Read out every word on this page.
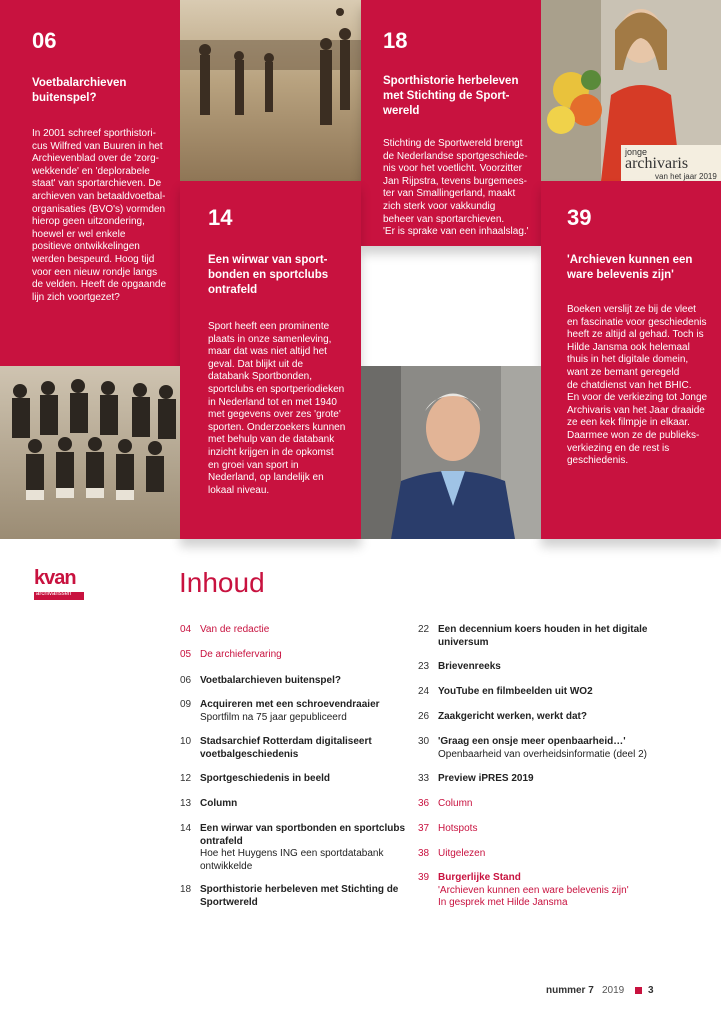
06
Voetbalarchieven
buitenspel?
In 2001 schreef sporthistori-
cus Wilfred van Buuren in het
Archievenblad over de 'zorg-
wekkende' en 'deplorabele
staat' van sportarchieven. De
archieven van betaaldvoetbal-
organisaties (BVO's) vormden
hierop geen uitzondering,
hoewel er wel enkele
positieve ontwikkelingen
werden bespeurd. Hoog tijd
voor een nieuw rondje langs
de velden. Heeft de opgaande
lijn zich voortgezet?
18
Sporthistorie herbeleven
met Stichting de Sport-
wereld
Stichting de Sportwereld brengt
de Nederlandse sportgeschiede-
nis voor het voetlicht. Voorzitter
Jan Rijpstra, tevens burgemees-
ter van Smallingerland, maakt
zich sterk voor vakkundig
beheer van sportarchieven.
'Er is sprake van een inhaalslag.'
jonge
archivaris
van het jaar 2019
14
Een wirwar van sport-
bonden en sportclubs
ontrafeld
Sport heeft een prominente
plaats in onze samenleving,
maar dat was niet altijd het
geval. Dat blijkt uit de
databank Sportbonden,
sportclubs en sportperiodieken
in Nederland tot en met 1940
met gegevens over zes 'grote'
sporten. Onderzoekers kunnen
met behulp van de databank
inzicht krijgen in de opkomst
en groei van sport in
Nederland, op landelijk en
lokaal niveau.
39
'Archieven kunnen een
ware belevenis zijn'
Boeken verslijt ze bij de vleet
en fascinatie voor geschiedenis
heeft ze altijd al gehad. Toch is
Hilde Jansma ook helemaal
thuis in het digitale domein,
want ze bemant geregeld
de chatdienst van het BHIC.
En voor de verkiezing tot Jonge
Archivaris van het Jaar draaide
ze een kek filmpje in elkaar.
Daarmee won ze de publieks-
verkiezing en de rest is
geschiedenis.
kvan
archivarissen	Inhoud
04 Van de redactie
05 De archiefervaring
06 Voetbalarchieven buitenspel?
09 Acquireren met een schroevendraaier
Sportfilm na 75 jaar gepubliceerd
10 Stadsarchief Rotterdam digitaliseert
voetbalgeschiedenis
12 Sportgeschiedenis in beeld
13 Column
14 Een wirwar van sportbonden en sportclubs
ontrafeld
Hoe het Huygens ING een sportdatabank
ontwikkelde
18 Sporthistorie herbeleven met Stichting de
Sportwereld
22 Een decennium koers houden in het digitale
universum
23 Brievenreeks
24 YouTube en filmbeelden uit WO2
26 Zaakgericht werken, werkt dat?
30 'Graag een onsje meer openbaarheid…'
Openbaarheid van overheidsinformatie (deel 2)
33 Preview iPRES 2019
36 Column
37 Hotspots
38 Uitgelezen
39 Burgerlijke Stand
'Archieven kunnen een ware belevenis zijn'
In gesprek met Hilde Jansma
nummer 7 2019 3
